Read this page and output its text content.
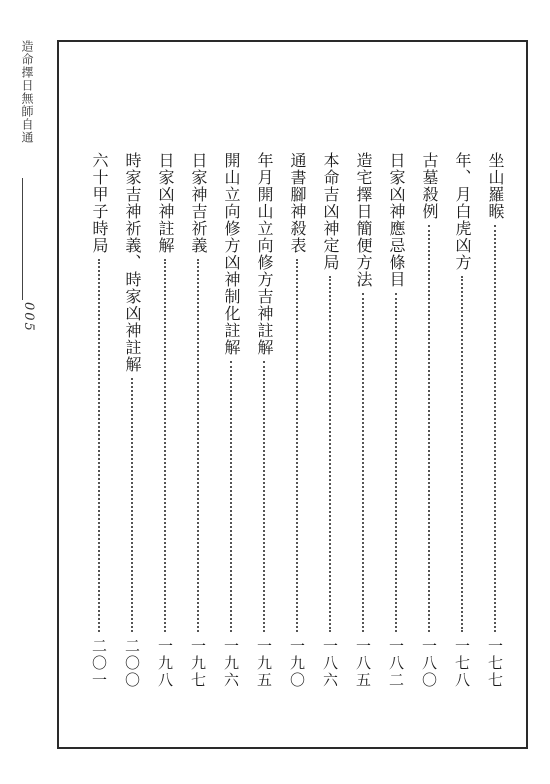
造命擇日無師自通
005
坐山羅睺
一七七
年、月白虎凶方
一七八
古墓殺例
一八〇
日家凶神應忌條目
一八二
造宅擇日簡便方法
一八五
本命吉凶神定局
一八六
通書腳神殺表
一九〇
年月開山立向修方吉神註解
一九五
開山立向修方凶神制化註解
一九六
日家神吉祈義
一九七
日家凶神註解
一九八
時家吉神祈義、時家凶神註解
二〇〇
六十甲子時局
二〇一
